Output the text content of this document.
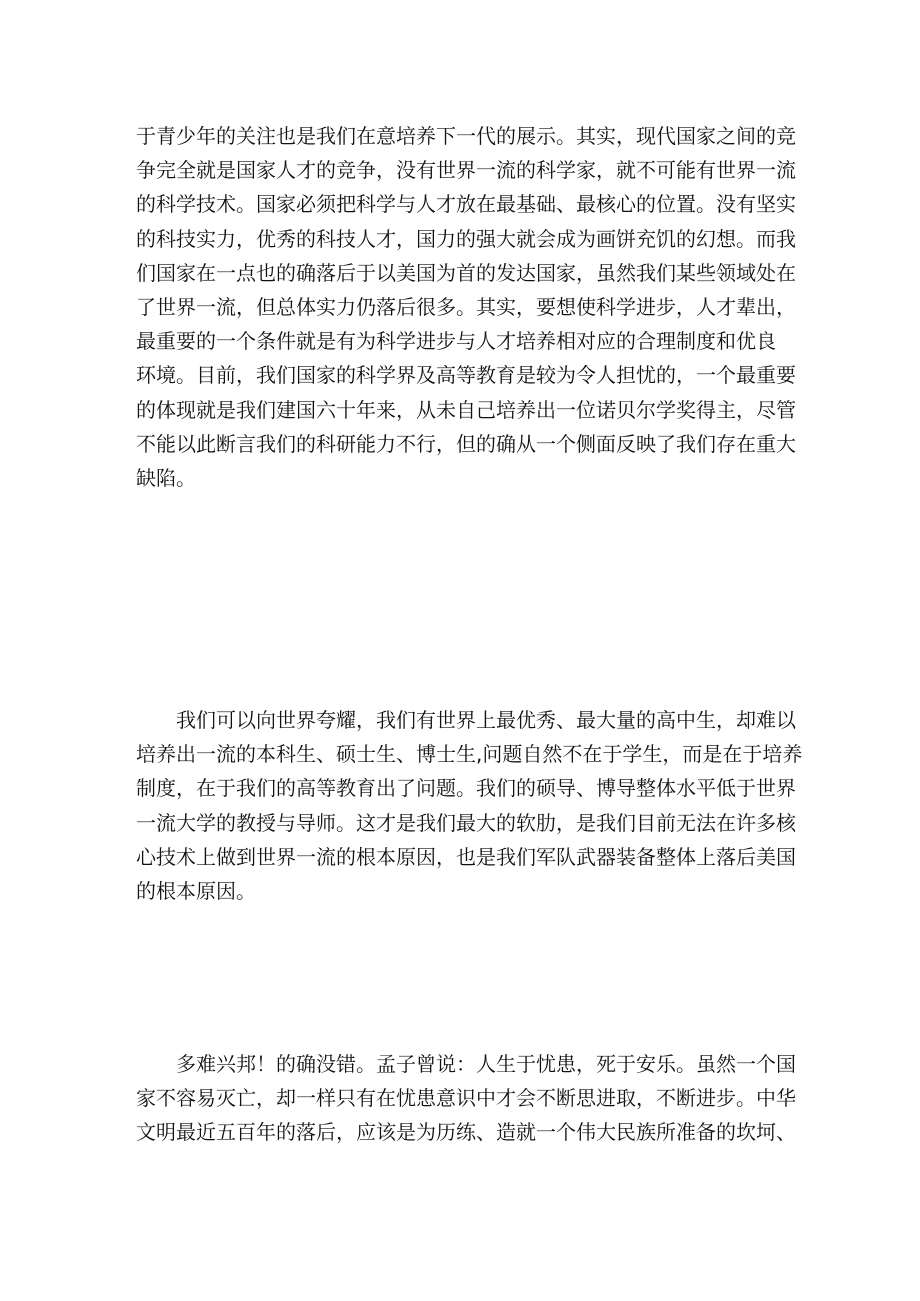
于青少年的关注也是我们在意培养下一代的展示。其实，现代国家之间的竞
争完全就是国家人才的竞争，没有世界一流的科学家，就不可能有世界一流
的科学技术。国家必须把科学与人才放在最基础、最核心的位置。没有坚实
的科技实力，优秀的科技人才，国力的强大就会成为画饼充饥的幻想。而我
们国家在一点也的确落后于以美国为首的发达国家，虽然我们某些领域处在
了世界一流，但总体实力仍落后很多。其实，要想使科学进步，人才辈出，
最重要的一个条件就是有为科学进步与人才培养相对应的合理制度和优良
环境。目前，我们国家的科学界及高等教育是较为令人担忧的，一个最重要
的体现就是我们建国六十年来，从未自己培养出一位诺贝尔学奖得主，尽管
不能以此断言我们的科研能力不行，但的确从一个侧面反映了我们存在重大
缺陷。
　　我们可以向世界夸耀，我们有世界上最优秀、最大量的高中生，却难以
培养出一流的本科生、硕士生、博士生,问题自然不在于学生，而是在于培养
制度，在于我们的高等教育出了问题。我们的硕导、博导整体水平低于世界
一流大学的教授与导师。这才是我们最大的软肋，是我们目前无法在许多核
心技术上做到世界一流的根本原因，也是我们军队武器装备整体上落后美国
的根本原因。
　　多难兴邦！的确没错。孟子曾说：人生于忧患，死于安乐。虽然一个国
家不容易灭亡，却一样只有在忧患意识中才会不断思进取，不断进步。中华
文明最近五百年的落后，应该是为历练、造就一个伟大民族所准备的坎坷、
